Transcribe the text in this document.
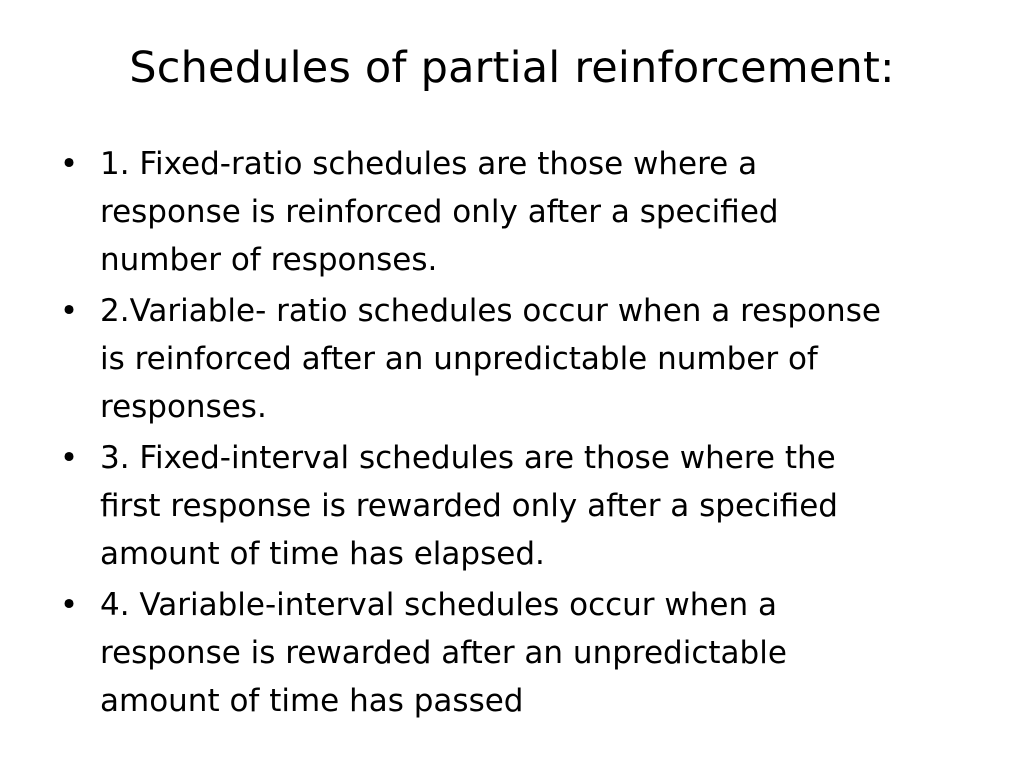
Schedules of partial reinforcement:
• 1. Fixed-ratio schedules are those where a
response is reinforced only after a specified
number of responses.
• 2.Variable- ratio schedules occur when a response
is reinforced after an unpredictable number of
responses.
• 3. Fixed-interval schedules are those where the
first response is rewarded only after a specified
amount of time has elapsed.
• 4. Variable-interval schedules occur when a
response is rewarded after an unpredictable
amount of time has passed
